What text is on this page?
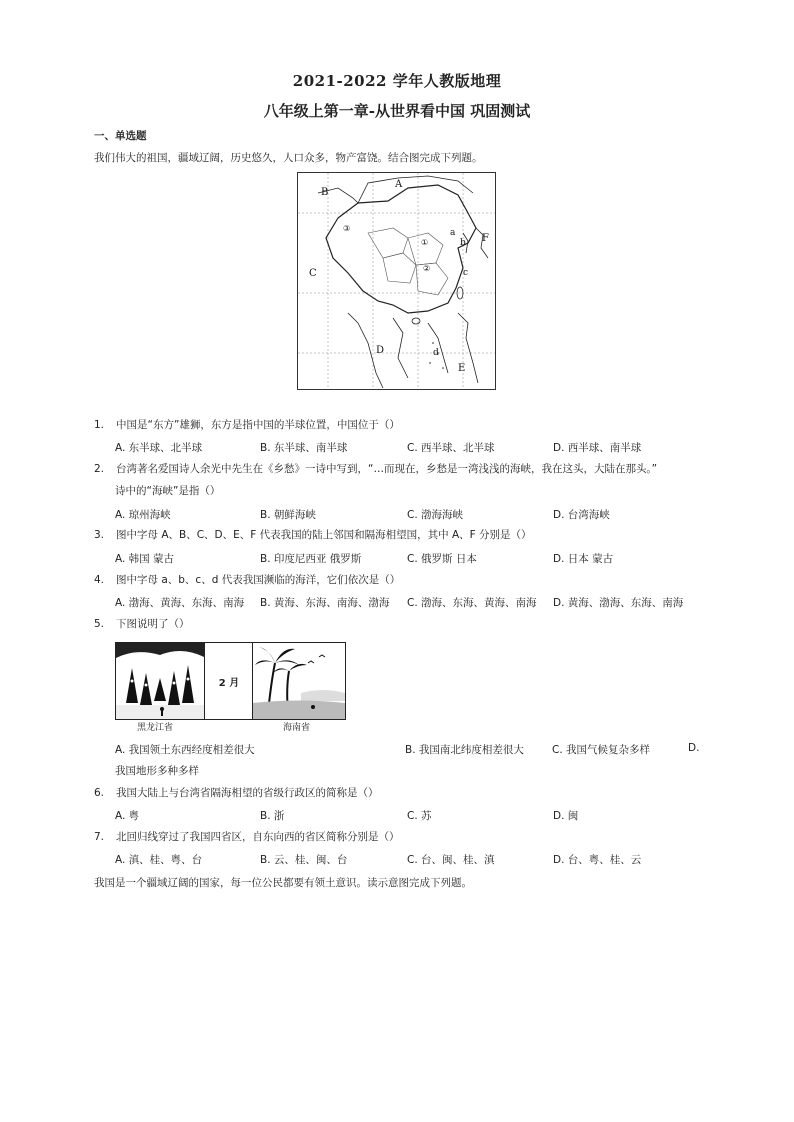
2021-2022 学年人教版地理
八年级上第一章-从世界看中国 巩固测试
一、单选题
我们伟大的祖国，疆域辽阔，历史悠久，人口众多，物产富饶。结合图完成下列题。
A
B
C
D
E
F
a
b
c
d
③
①
②
1. 中国是“东方”雄狮，东方是指中国的半球位置，中国位于（）
A. 东半球、北半球	B. 东半球、南半球	C. 西半球、北半球	D. 西半球、南半球
2. 台湾著名爱国诗人余光中先生在《乡愁》一诗中写到，“…而现在，乡愁是一湾浅浅的海峡，我在这头，大陆在那头。”
诗中的“海峡”是指（）
A. 琼州海峡	B. 朝鲜海峡	C. 渤海海峡	D. 台湾海峡
3. 图中字母 A、B、C、D、E、F 代表我国的陆上邻国和隔海相望国，其中 A、F 分别是（）
A. 韩国 蒙古	B. 印度尼西亚 俄罗斯	C. 俄罗斯 日本	D. 日本 蒙古
4. 图中字母 a、b、c、d 代表我国濒临的海洋，它们依次是（）
A. 渤海、黄海、东海、南海 B. 黄海、东海、南海、渤海 C. 渤海、东海、黄海、南海 D. 黄海、渤海、东海、南海
5. 下图说明了（）
2 月
黑龙江省	海南省
A. 我国领土东西经度相差很大	B. 我国南北纬度相差很大	C. 我国气候复杂多样	D.
我国地形多种多样
6. 我国大陆上与台湾省隔海相望的省级行政区的简称是（）
A. 粤	B. 浙	C. 苏	D. 闽
7. 北回归线穿过了我国四省区，自东向西的省区简称分别是（）
A. 滇、桂、粤、台	B. 云、桂、闽、台	C. 台、闽、桂、滇	D. 台、粤、桂、云
我国是一个疆域辽阔的国家，每一位公民都要有领土意识。读示意图完成下列题。
